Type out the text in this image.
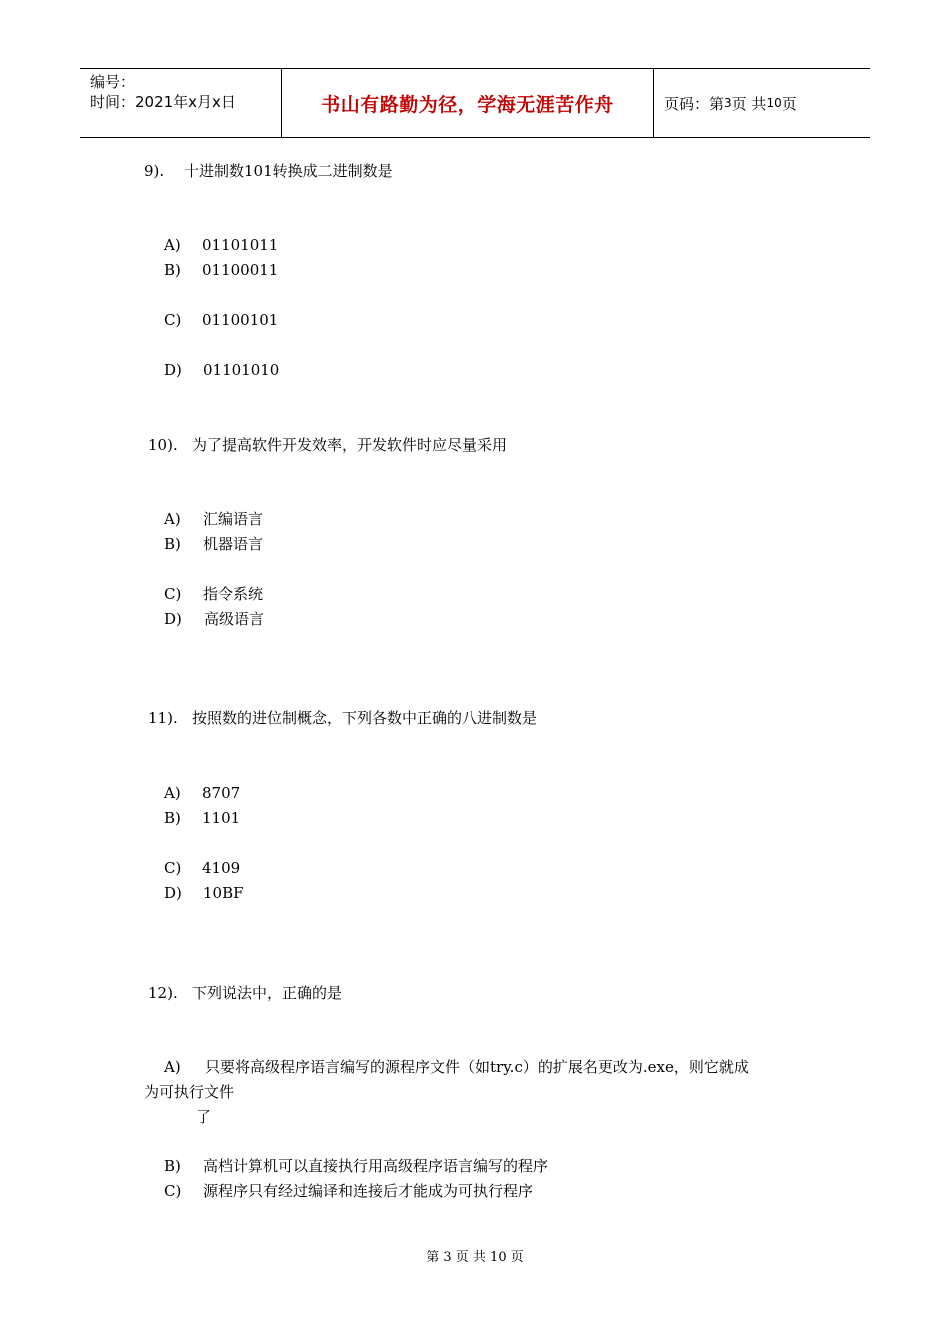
编号：
时间：2021年x月x日	书山有路勤为径，学海无涯苦作舟	页码：第 3 页 共 10 页
9). 十进制数101转换成二进制数是
A) 01101011
B) 01100011
C) 01100101
D) 01101010
10). 为了提高软件开发效率，开发软件时应尽量采用
A) 汇编语言
B) 机器语言
C) 指令系统
D) 高级语言
11). 按照数的进位制概念，下列各数中正确的八进制数是
A) 8707
B) 1101
C) 4109
D) 10BF
12). 下列说法中，正确的是
A) 只要将高级程序语言编写的源程序文件（如try.c）的扩展名更改为.exe，则它就成
为可执行文件
了
B) 高档计算机可以直接执行用高级程序语言编写的程序
C) 源程序只有经过编译和连接后才能成为可执行程序
第 3 页 共 10 页
